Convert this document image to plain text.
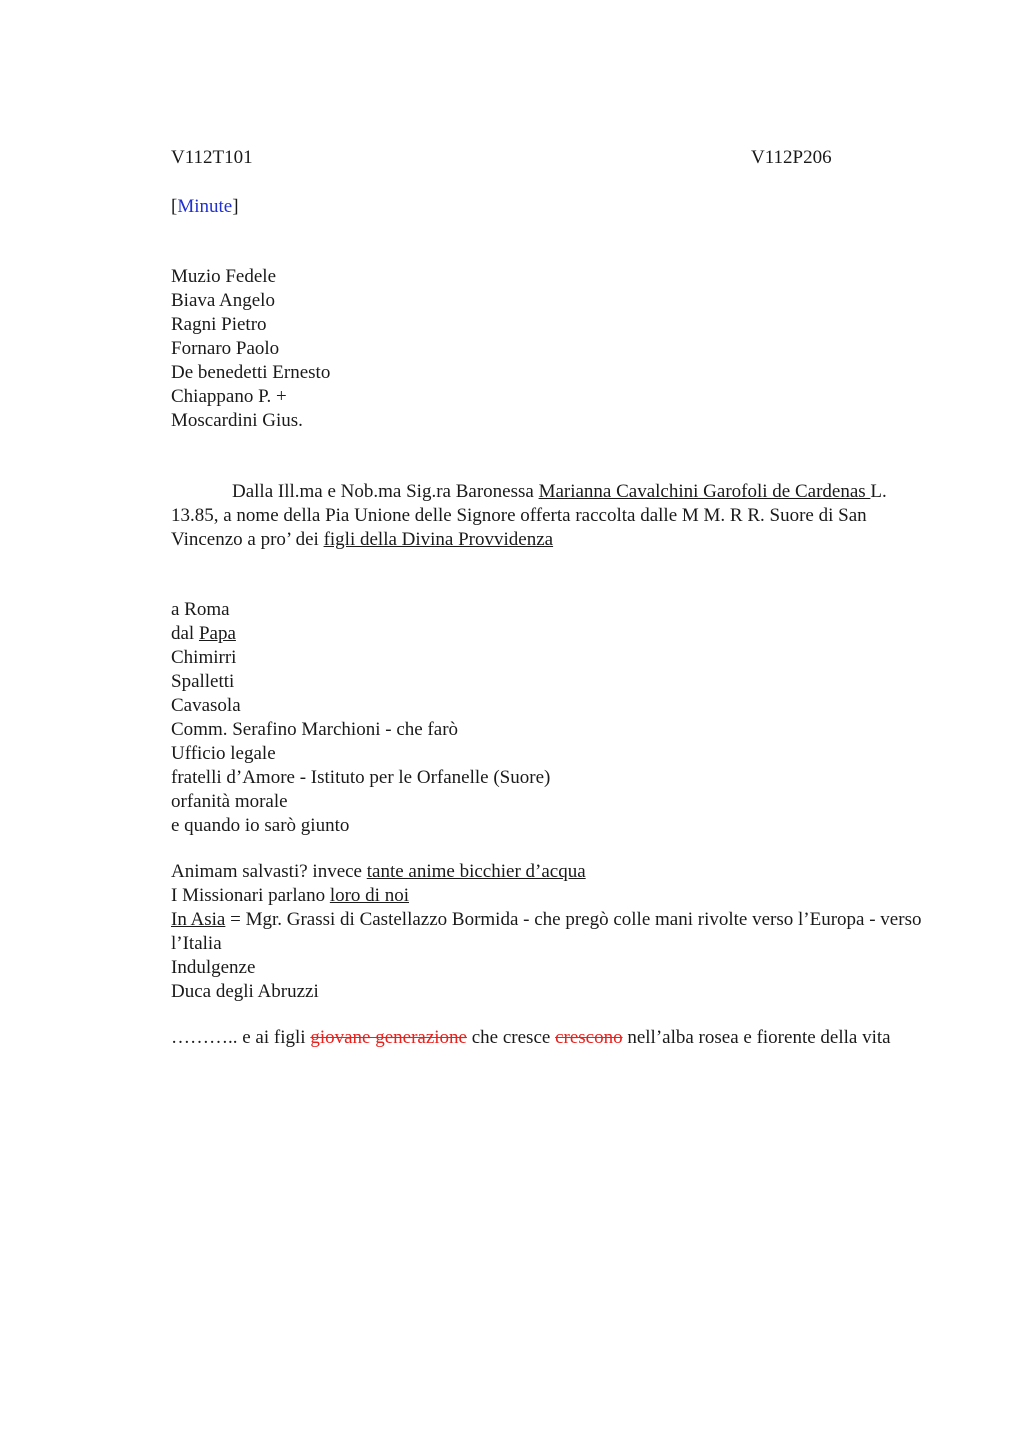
V112T101	V112P206

[Minute]

Muzio Fedele
Biava Angelo
Ragni Pietro
Fornaro Paolo
De benedetti Ernesto
Chiappano P. +
Moscardini Gius.

Dalla Ill.ma e Nob.ma Sig.ra Baronessa Marianna Cavalchini Garofoli de Cardenas L. 13.85, a nome della Pia Unione delle Signore offerta raccolta dalle M M. R R. Suore di San Vincenzo a pro’ dei figli della Divina Provvidenza

a Roma
dal Papa
Chimirri
Spalletti
Cavasola
Comm. Serafino Marchioni - che farò
Ufficio legale
fratelli d’Amore - Istituto per le Orfanelle (Suore)
orfanità morale
e quando io sarò giunto
Animam salvasti? invece tante anime bicchier d’acqua
I Missionari parlano loro di noi
In Asia = Mgr. Grassi di Castellazzo Bormida - che pregò colle mani rivolte verso l’Europa - verso l’Italia
Indulgenze
Duca degli Abruzzi

……….. e ai figli giovane generazione che cresce crescono nell’alba rosea e fiorente della vita
